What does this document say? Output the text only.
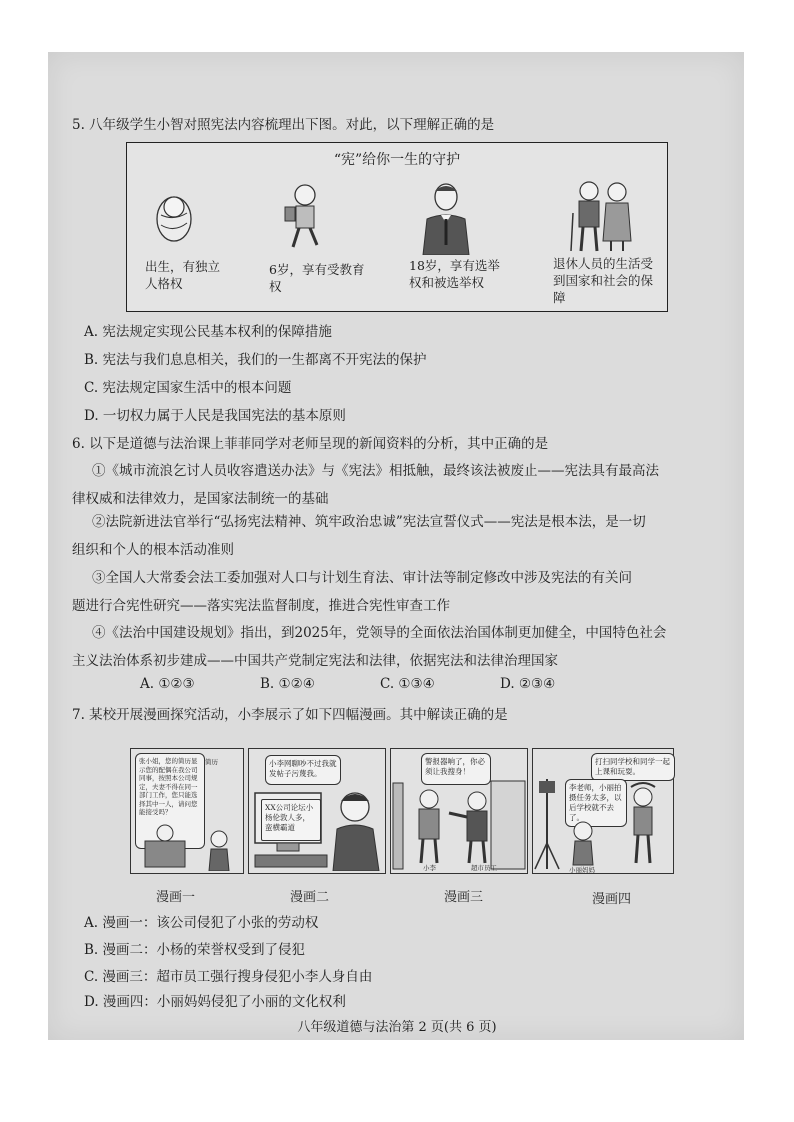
5. 八年级学生小智对照宪法内容梳理出下图。对此，以下理解正确的是
“宪”给你一生的守护
出生，有独立人格权
6岁，享有受教育权
18岁，享有选举权和被选举权
退休人员的生活受到国家和社会的保障
A. 宪法规定实现公民基本权利的保障措施
B. 宪法与我们息息相关，我们的一生都离不开宪法的保护
C. 宪法规定国家生活中的根本问题
D. 一切权力属于人民是我国宪法的基本原则
6. 以下是道德与法治课上菲菲同学对老师呈现的新闻资料的分析，其中正确的是
①《城市流浪乞讨人员收容遣送办法》与《宪法》相抵触，最终该法被废止——宪法具有最高法
律权威和法律效力，是国家法制统一的基础
②法院新进法官举行“弘扬宪法精神、筑牢政治忠诚”宪法宣誓仪式——宪法是根本法，是一切
组织和个人的根本活动准则
③全国人大常委会法工委加强对人口与计划生育法、审计法等制定修改中涉及宪法的有关问
题进行合宪性研究——落实宪法监督制度，推进合宪性审查工作
④《法治中国建设规划》指出，到2025年，党领导的全面依法治国体制更加健全，中国特色社会
主义法治体系初步建成——中国共产党制定宪法和法律，依据宪法和法律治理国家
A. ①②③	B. ①②④	C. ①③④	D. ②③④
7. 某校开展漫画探究活动，小李展示了如下四幅漫画。其中解读正确的是
张小姐，您的简历显示您的配偶在我公司同事，按照本公司规定，夫妻不得在同一部门工作，您只能选择其中一人，请问您能接受吗？
简历	小李网聊吵不过我就发帖子污蔑我。
XX公司论坛小杨伦敦人多，蛮横霸道
警报器响了，你必须让我搜身！
小李	超市员工
打扫同学校和同学一起上课和玩耍。
李老师，小丽拍摄任务太多，以后学校就不去了。
小丽妈妈
漫画一	漫画二	漫画三	漫画四
A. 漫画一：该公司侵犯了小张的劳动权
B. 漫画二：小杨的荣誉权受到了侵犯
C. 漫画三：超市员工强行搜身侵犯小李人身自由
D. 漫画四：小丽妈妈侵犯了小丽的文化权利
八年级道德与法治第 2 页(共 6 页)
